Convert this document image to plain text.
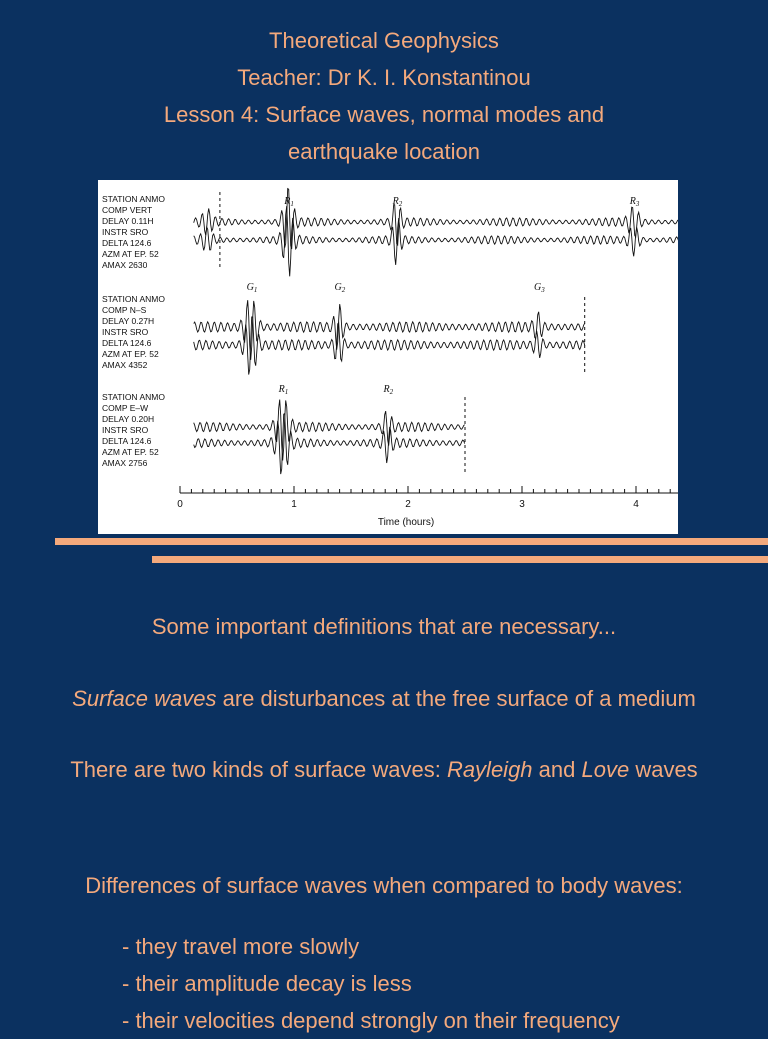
Theoretical Geophysics
Teacher: Dr K. I. Konstantinou
Lesson 4: Surface waves, normal modes and
earthquake location
STATION ANMO
COMP VERT
DELAY 0.11H
INSTR SRO
DELTA 124.6
AZM AT EP. 52
AMAX 2630
STATION ANMO
COMP N–S
DELAY 0.27H
INSTR SRO
DELTA 124.6
AZM AT EP. 52
AMAX 4352
STATION ANMO
COMP E–W
DELAY 0.20H
INSTR SRO
DELTA 124.6
AZM AT EP. 52
AMAX 2756
$R_1$	$R_2$	$R_3$
$G_1$	$G_2$	$G_3$
$R_1$	$R_2$
0	1	2	3	4
Time (hours)
Some important definitions that are necessary...
Surface waves are disturbances at the free surface of a medium
There are two kinds of surface waves: Rayleigh and Love waves
Differences of surface waves when compared to body waves:
- they travel more slowly
- their amplitude decay is less
- their velocities depend strongly on their frequency
